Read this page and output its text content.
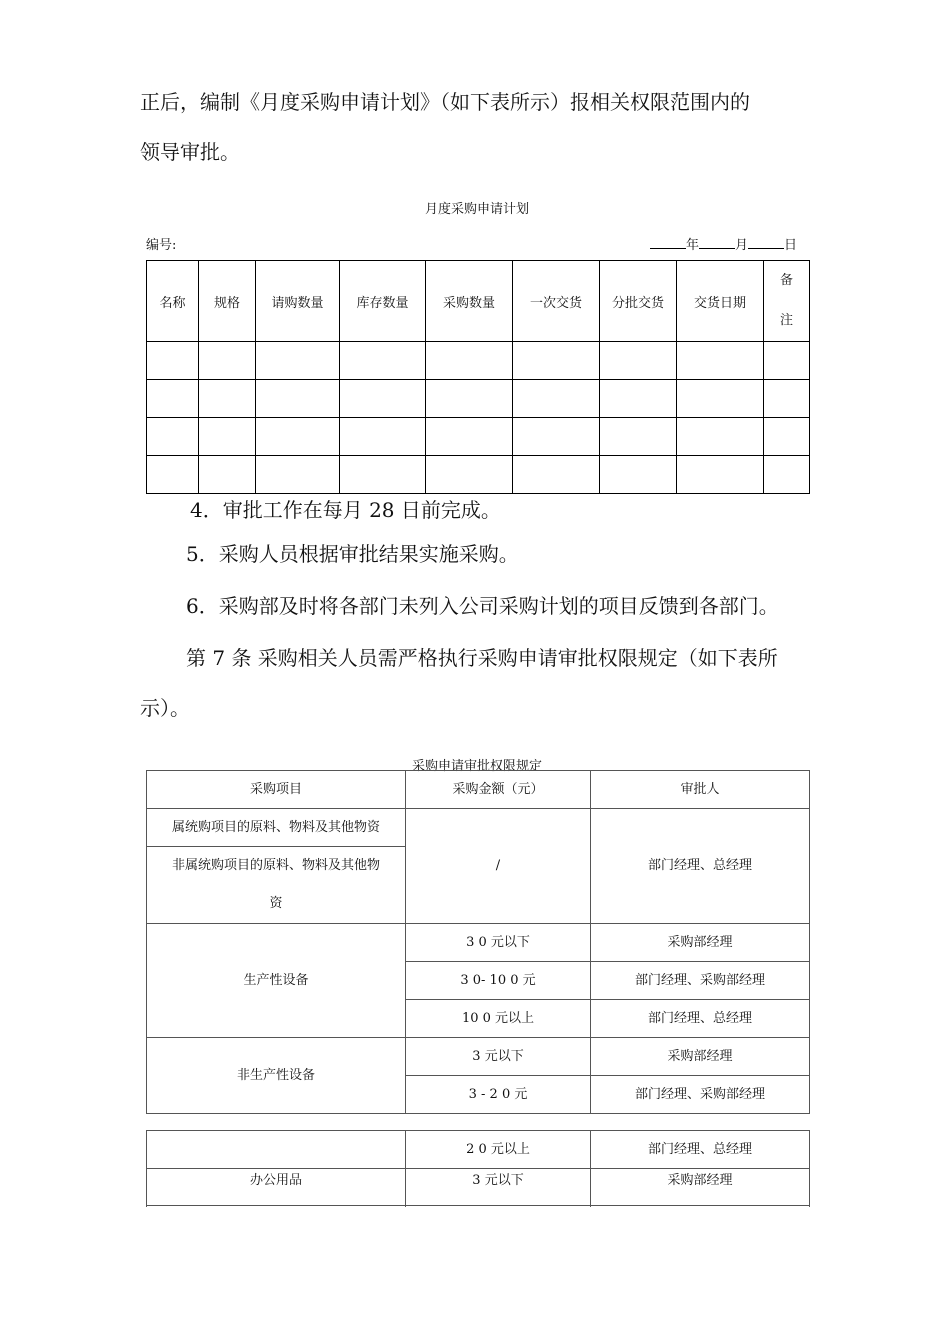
正后，编制《月度采购申请计划》（如下表所示）报相关权限范围内的
领导审批。
月度采购申请计划
编号:	年	月	日
名称	规格	请购数量	库存数量	采购数量	一次交货	分批交货	交货日期	备
注

4．审批工作在每月 28 日前完成。
5．采购人员根据审批结果实施采购。
6．采购部及时将各部门未列入公司采购计划的项目反馈到各部门。
第 7 条 采购相关人员需严格执行采购申请审批权限规定（如下表所
示）。
采购申请审批权限规定
采购项目	采购金额（元）	审批人
属统购项目的原料、物料及其他物资	/	部门经理、总经理
非属统购项目的原料、物料及其他物
资		
生产性设备	3 0 元以下	采购部经理
	3 0- 10 0 元	部门经理、采购部经理
	10 0 元以上	部门经理、总经理
非生产性设备	3 元以下	采购部经理
	3 - 2 0 元	部门经理、采购部经理
	2 0 元以上	部门经理、总经理
办公用品	3 元以下	采购部经理
